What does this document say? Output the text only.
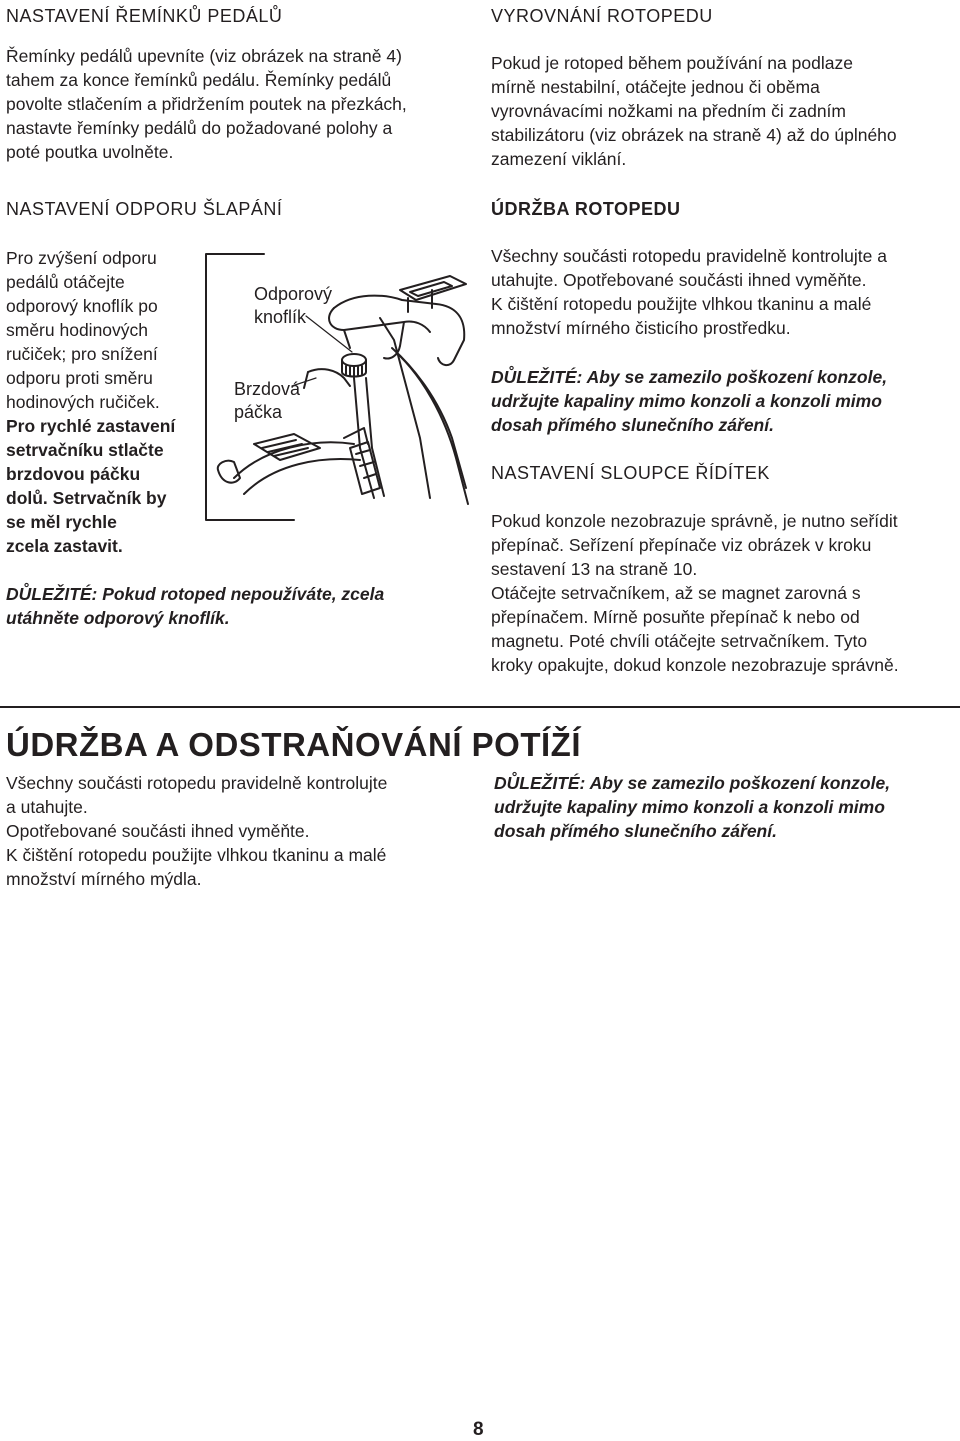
NASTAVENÍ ŘEMÍNKŮ PEDÁLŮ

Řemínky pedálů upevníte (viz obrázek na straně 4)
tahem za konce řemínků pedálu. Řemínky pedálů
povolte stlačením a přidržením poutek na přezkách,
nastavte řemínky pedálů do požadované polohy a
poté poutka uvolněte.

NASTAVENÍ ODPORU ŠLAPÁNÍ

Pro zvýšení odporu
pedálů otáčejte
odporový knoflík po
směru hodinových
ručiček; pro snížení
odporu proti směru
hodinových ručiček.

Pro rychlé zastavení
setrvačníku stlačte
brzdovou páčku
dolů. Setrvačník by
se měl rychle
zcela zastavit.

Odporový
knoflík
Brzdová
páčka

DŮLEŽITÉ: Pokud rotoped nepoužíváte, zcela
utáhněte odporový knoflík.

VYROVNÁNÍ ROTOPEDU

Pokud je rotoped během používání na podlaze
mírně nestabilní, otáčejte jednou či oběma
vyrovnávacími nožkami na předním či zadním
stabilizátoru (viz obrázek na straně 4) až do úplného
zamezení viklání.

ÚDRŽBA ROTOPEDU

Všechny součásti rotopedu pravidelně kontrolujte a
utahujte. Opotřebované součásti ihned vyměňte.
K čištění rotopedu použijte vlhkou tkaninu a malé
množství mírného čisticího prostředku.

DŮLEŽITÉ: Aby se zamezilo poškození konzole,
udržujte kapaliny mimo konzoli a konzoli mimo
dosah přímého slunečního záření.

NASTAVENÍ SLOUPCE ŘÍDÍTEK

Pokud konzole nezobrazuje správně, je nutno seřídit
přepínač. Seřízení přepínače viz obrázek v kroku
sestavení 13 na straně 10.
Otáčejte setrvačníkem, až se magnet zarovná s
přepínačem. Mírně posuňte přepínač k nebo od
magnetu. Poté chvíli otáčejte setrvačníkem. Tyto
kroky opakujte, dokud konzole nezobrazuje správně.

ÚDRŽBA A ODSTRAŇOVÁNÍ POTÍŽÍ

Všechny součásti rotopedu pravidelně kontrolujte
a utahujte.
Opotřebované součásti ihned vyměňte.
K čištění rotopedu použijte vlhkou tkaninu a malé
množství mírného mýdla.

DŮLEŽITÉ: Aby se zamezilo poškození konzole,
udržujte kapaliny mimo konzoli a konzoli mimo
dosah přímého slunečního záření.

8
